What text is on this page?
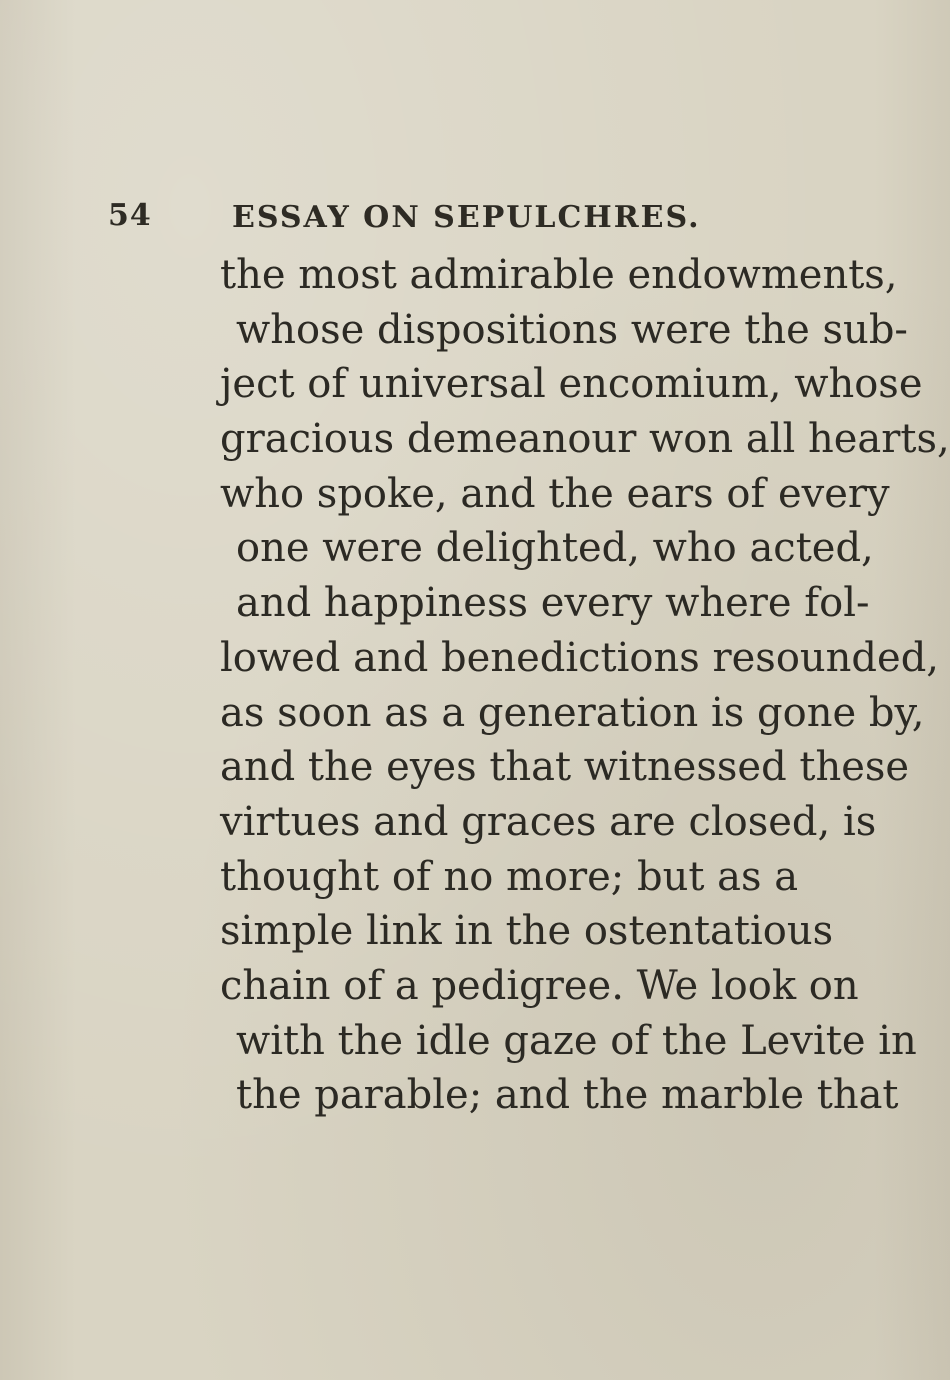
54	ESSAY ON SEPULCHRES.
the most admirable endowments,
whose dispositions were the sub-
ject of universal encomium, whose
gracious demeanour won all hearts,
who spoke, and the ears of every
one were delighted, who acted,
and happiness every where fol-
lowed and benedictions resounded,
as soon as a generation is gone by,
and the eyes that witnessed these
virtues and graces are closed, is
thought of no more; but as a
simple link in the ostentatious
chain of a pedigree. We look on
with the idle gaze of the Levite in
the parable; and the marble that
